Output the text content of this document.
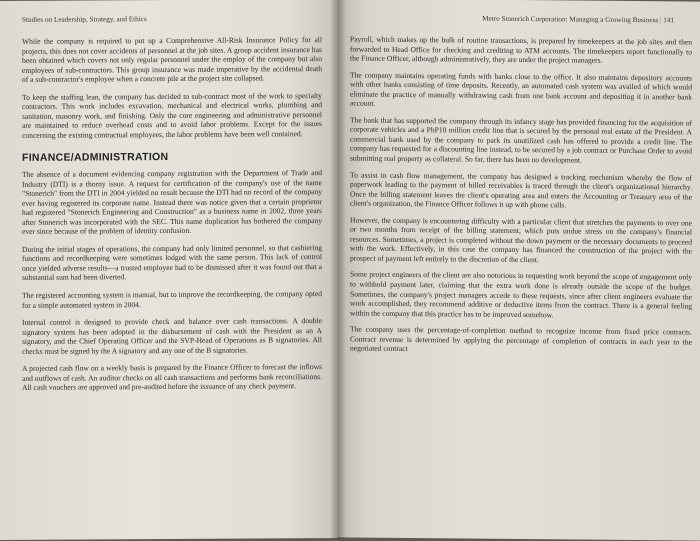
Studies on Leadership, Strategy, and Ethics

While the company is required to put up a Comprehensive All-Risk Insurance Policy for all projects, this does not cover accidents of personnel at the job sites. A group accident insurance has been obtained which covers not only regular personnel under the employ of the company but also employees of sub-contractors. This group insurance was made imperative by the accidental death of a sub-contractor's employee when a concrete pile at the project site collapsed.

To keep the staffing lean, the company has decided to sub-contract most of the work to specialty contractors. This work includes excavation, mechanical and electrical works, plumbing and sanitation, masonry work, and finishing. Only the core engineering and administrative personnel are maintained to reduce overhead costs and to avoid labor problems. Except for the issues concerning the existing contractual employees, the labor problems have been well contained.

FINANCE/ADMINISTRATION

The absence of a document evidencing company registration with the Department of Trade and Industry (DTI) is a thorny issue. A request for certification of the company's use of the name "Stonerich" from the DTI in 2004 yielded no result because the DTI had no record of the company ever having registered its corporate name. Instead there was notice given that a certain proprietor had registered "Stonerich Engineering and Construction" as a business name in 2002, three years after Stonerich was incorporated with the SEC. This name duplication has bothered the company ever since because of the problem of identity confusion.

During the initial stages of operations, the company had only limited personnel, so that cashiering functions and recordkeeping were sometimes lodged with the same person. This lack of control once yielded adverse results—a trusted employee had to be dismissed after it was found out that a substantial sum had been diverted.

The registered accounting system is manual, but to improve the recordkeeping, the company opted for a simple automated system in 2004.

Internal control is designed to provide check and balance over cash transactions. A double signatory system has been adopted in the disbursement of cash with the President as an A signatory, and the Chief Operating Officer and the SVP-Head of Operations as B signatories. All checks must be signed by the A signatory and any one of the B signatories.

A projected cash flow on a weekly basis is prepared by the Finance Officer to forecast the inflows and outflows of cash. An auditor checks on all cash transactions and performs bank reconciliations. All cash vouchers are approved and pre-audited before the issuance of any check payment.

Metro Stonerich Corporation: Managing a Growing Business | 141

Payroll, which makes up the bulk of routine transactions, is prepared by timekeepers at the job sites and then forwarded to Head Office for checking and crediting to ATM accounts. The timekeepers report functionally to the Finance Officer, although administratively, they are under the project managers.

The company maintains operating funds with banks close to the office. It also maintains depository accounts with other banks consisting of time deposits. Recently, an automated cash system was availed of which would eliminate the practice of manually withdrawing cash from one bank account and depositing it in another bank account.

The bank that has supported the company through its infancy stage has provided financing for the acquisition of corporate vehicles and a PhP10 million credit line that is secured by the personal real estate of the President. A commercial bank used by the company to park its unutilized cash has offered to provide a credit line. The company has requested for a discounting line instead, to be secured by a job contract or Purchase Order to avoid submitting real property as collateral. So far, there has been no development.

To assist in cash flow management, the company has designed a tracking mechanism whereby the flow of paperwork leading to the payment of billed receivables is traced through the client's organizational hierarchy. Once the billing statement leaves the client's operating area and enters the Accounting or Treasury area of the client's organization, the Finance Officer follows it up with phone calls.

However, the company is encountering difficulty with a particular client that stretches the payments to over one or two months from receipt of the billing statement, which puts undue stress on the company's financial resources. Sometimes, a project is completed without the down payment or the necessary documents to proceed with the work. Effectively, in this case the company has financed the construction of the project with the prospect of payment left entirely to the discretion of the client.

Some project engineers of the client are also notorious in requesting work beyond the scope of engagement only to withhold payment later, claiming that the extra work done is already outside the scope of the budget. Sometimes, the company's project managers accede to these requests, since after client engineers evaluate the work accomplished, they recommend additive or deductive items from the contract. There is a general feeling within the company that this practice has to be improved somehow.

The company uses the percentage-of-completion method to recognize income from fixed price contracts. Contract revenue is determined by applying the percentage of completion of contracts in each year to the negotiated contract
